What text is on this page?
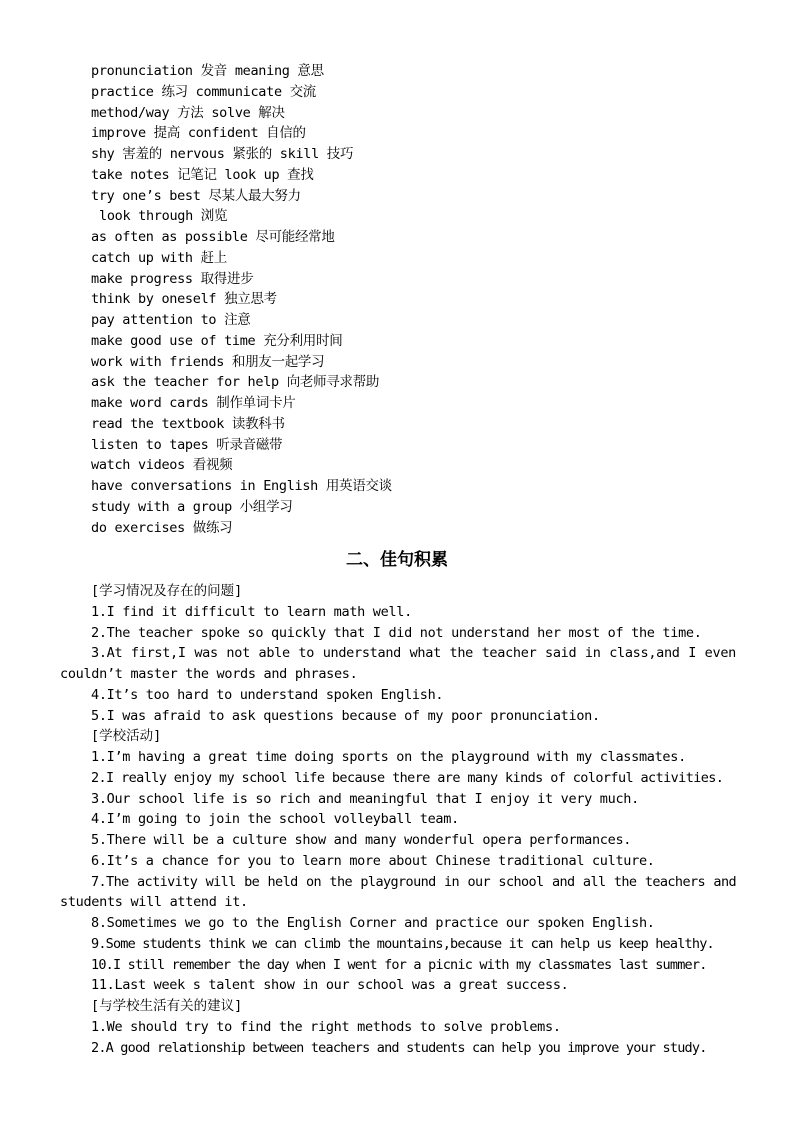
pronunciation 发音 meaning 意思
practice 练习 communicate 交流
method/way 方法 solve 解决
improve 提高 confident 自信的
shy 害羞的 nervous 紧张的 skill 技巧
take notes 记笔记 look up 查找
try one’s best 尽某人最大努力
look through 浏览
as often as possible 尽可能经常地
catch up with 赶上
make progress 取得进步
think by oneself 独立思考
pay attention to 注意
make good use of time 充分利用时间
work with friends 和朋友一起学习
ask the teacher for help 向老师寻求帮助
make word cards 制作单词卡片
read the textbook 读教科书
listen to tapes 听录音磁带
watch videos 看视频
have conversations in English 用英语交谈
study with a group 小组学习
do exercises 做练习
二、佳句积累
[学习情况及存在的问题]
1.I find it difficult to learn math well.
2.The teacher spoke so quickly that I did not understand her most of the time.
3.At first,I was not able to understand what the teacher said in class,and I even
couldn’t master the words and phrases.
4.It’s too hard to understand spoken English.
5.I was afraid to ask questions because of my poor pronunciation.
[学校活动]
1.I’m having a great time doing sports on the playground with my classmates.
2.I really enjoy my school life because there are many kinds of colorful activities.
3.Our school life is so rich and meaningful that I enjoy it very much.
4.I’m going to join the school volleyball team.
5.There will be a culture show and many wonderful opera performances.
6.It’s a chance for you to learn more about Chinese traditional culture.
7.The activity will be held on the playground in our school and all the teachers and
students will attend it.
8.Sometimes we go to the English Corner and practice our spoken English.
9.Some students think we can climb the mountains,because it can help us keep healthy.
10.I still remember the day when I went for a picnic with my classmates last summer.
11.Last week s talent show in our school was a great success.
[与学校生活有关的建议]
1.We should try to find the right methods to solve problems.
2.A good relationship between teachers and students can help you improve your study.
